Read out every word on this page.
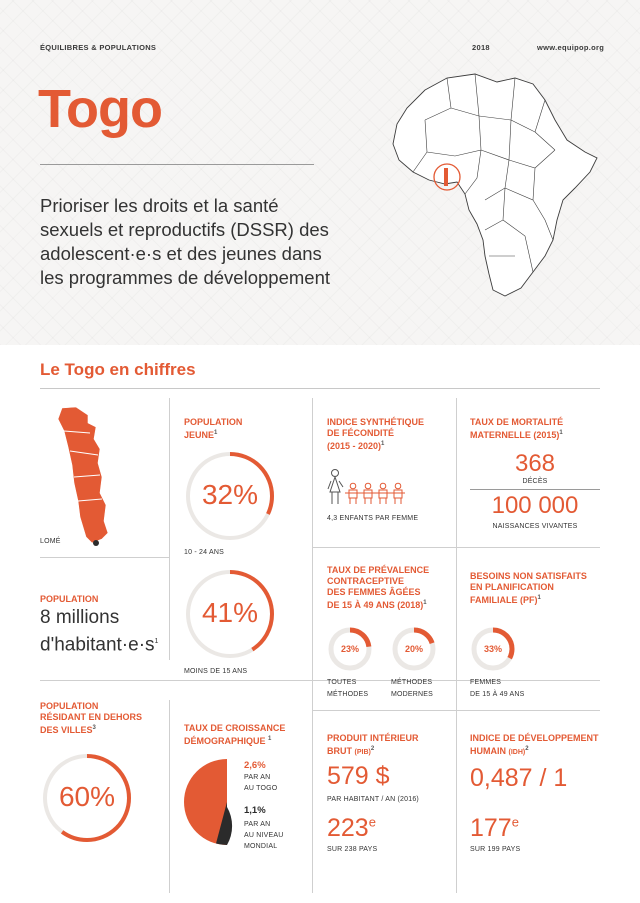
ÉQUILIBRES & POPULATIONS	2018	www.equipop.org
Togo
Prioriser les droits et la santé sexuels et reproductifs (DSSR) des adolescent·e·s et des jeunes dans les programmes de développement
Le Togo en chiffres
LOMÉ
POPULATION
8 millions
$d'habitant\cdot e\cdot s^1$
POPULATION
RÉSIDANT EN DEHORS
DES VILLES$^3$
60%
POPULATION
JEUNE$^1$
32%
10 - 24 ANS
41%
MOINS DE 15 ANS
TAUX DE CROISSANCE
DÉMOGRAPHIQUE $^1$
2,6%
PAR AN
AU TOGO
1,1%
PAR AN
AU NIVEAU
MONDIAL
INDICE SYNTHÉTIQUE
DE FÉCONDITÉ
(2015 - 2020)$^1$
4,3 ENFANTS PAR FEMME
TAUX DE PRÉVALENCE
CONTRACEPTIVE
DES FEMMES ÂGÉES
DE 15 À 49 ANS $(2018)^1$
23%
TOUTES
MÉTHODES
20%
MÉTHODES
MODERNES
PRODUIT INTÉRIEUR
BRUT (PIB)$^2$
579 $
PAR HABITANT / AN (2016)
223e
SUR 238 PAYS
TAUX DE MORTALITÉ
MATERNELLE $(2015)^1$
368
DÉCÈS
100 000
NAISSANCES VIVANTES
BESOINS NON SATISFAITS
EN PLANIFICATION
FAMILIALE (PF)$^1$
33%
FEMMES
DE 15 À 49 ANS
INDICE DE DÉVELOPPEMENT
HUMAIN (IDH)$^2$
0,487 / 1
177e
SUR 199 PAYS
